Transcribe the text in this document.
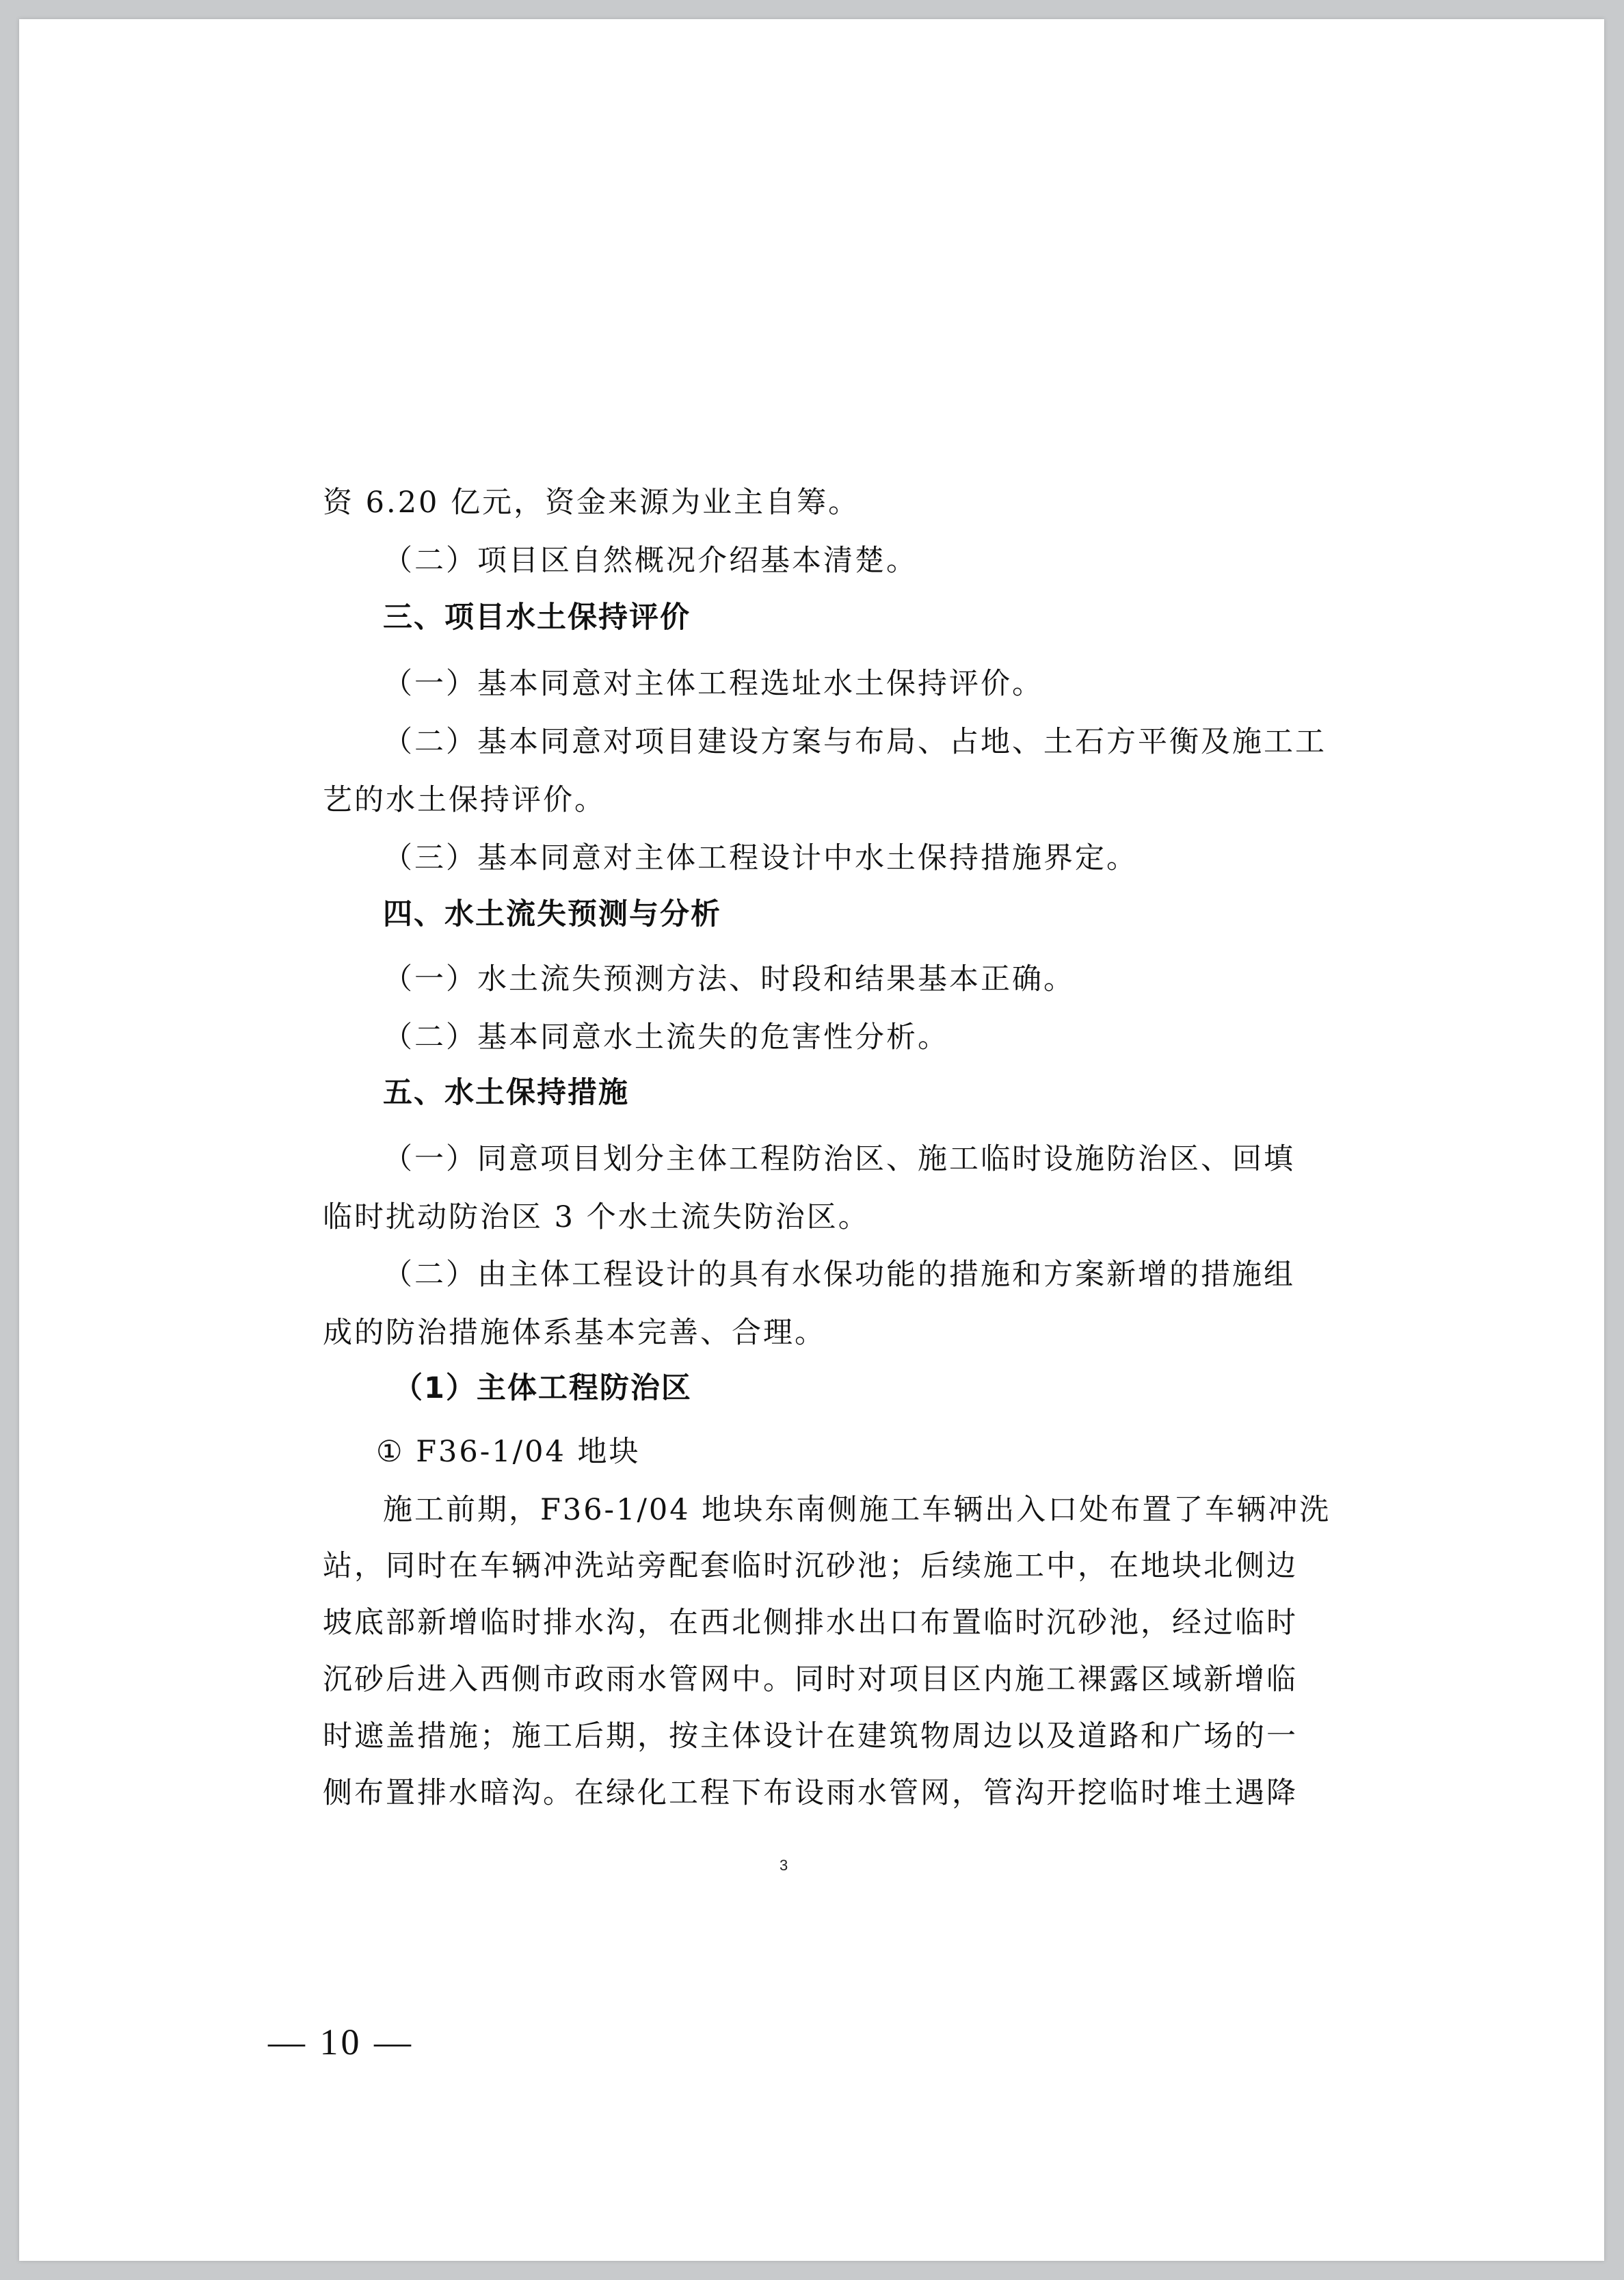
资 6.20 亿元，资金来源为业主自筹。
（二）项目区自然概况介绍基本清楚。
三、项目水土保持评价
（一）基本同意对主体工程选址水土保持评价。
（二）基本同意对项目建设方案与布局、占地、土石方平衡及施工工
艺的水土保持评价。
（三）基本同意对主体工程设计中水土保持措施界定。
四、水土流失预测与分析
（一）水土流失预测方法、时段和结果基本正确。
（二）基本同意水土流失的危害性分析。
五、水土保持措施
（一）同意项目划分主体工程防治区、施工临时设施防治区、回填
临时扰动防治区 3 个水土流失防治区。
（二）由主体工程设计的具有水保功能的措施和方案新增的措施组
成的防治措施体系基本完善、合理。
（1）主体工程防治区
① F36-1/04 地块
施工前期，F36-1/04 地块东南侧施工车辆出入口处布置了车辆冲洗
站，同时在车辆冲洗站旁配套临时沉砂池；后续施工中，在地块北侧边
坡底部新增临时排水沟，在西北侧排水出口布置临时沉砂池，经过临时
沉砂后进入西侧市政雨水管网中。同时对项目区内施工裸露区域新增临
时遮盖措施；施工后期，按主体设计在建筑物周边以及道路和广场的一
侧布置排水暗沟。在绿化工程下布设雨水管网，管沟开挖临时堆土遇降
3
— 10 —
